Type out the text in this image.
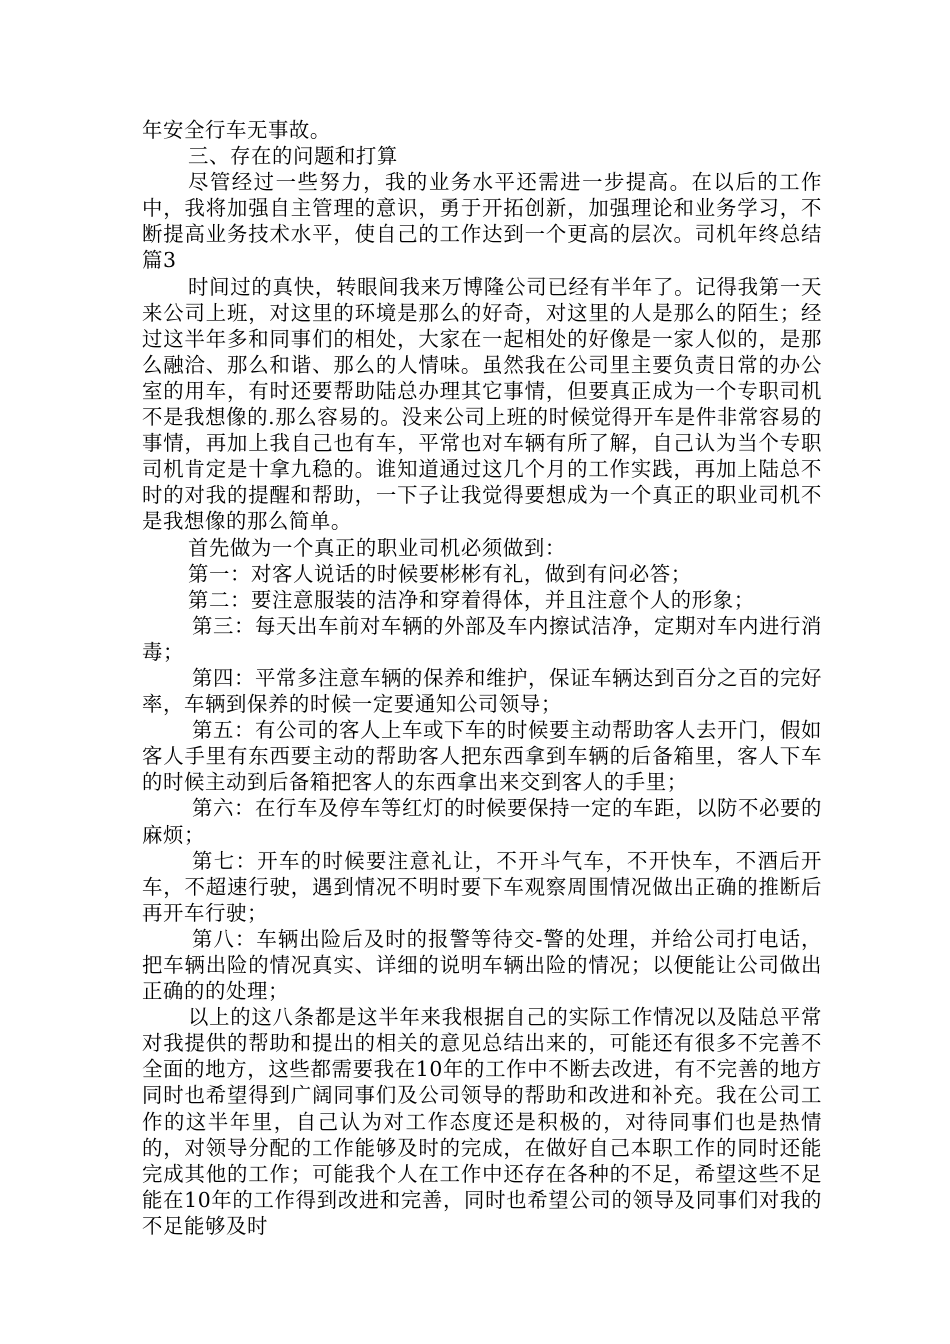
年安全行车无事故。

三、存在的问题和打算

尽管经过一些努力，我的业务水平还需进一步提高。在以后的工作中，我将加强自主管理的意识，勇于开拓创新，加强理论和业务学习，不断提高业务技术水平，使自己的工作达到一个更高的层次。司机年终总结 篇3

时间过的真快，转眼间我来万博隆公司已经有半年了。记得我第一天来公司上班，对这里的环境是那么的好奇，对这里的人是那么的陌生；经过这半年多和同事们的相处，大家在一起相处的好像是一家人似的，是那么融洽、那么和谐、那么的人情味。虽然我在公司里主要负责日常的办公室的用车，有时还要帮助陆总办理其它事情，但要真正成为一个专职司机不是我想像的.那么容易的。没来公司上班的时候觉得开车是件非常容易的事情，再加上我自己也有车，平常也对车辆有所了解，自己认为当个专职司机肯定是十拿九稳的。谁知道通过这几个月的工作实践，再加上陆总不时的对我的提醒和帮助，一下子让我觉得要想成为一个真正的职业司机不是我想像的那么简单。

首先做为一个真正的职业司机必须做到：

第一：对客人说话的时候要彬彬有礼，做到有问必答；

第二：要注意服装的洁净和穿着得体，并且注意个人的形象；

第三：每天出车前对车辆的外部及车内擦试洁净，定期对车内进行消毒；

第四：平常多注意车辆的保养和维护，保证车辆达到百分之百的完好率，车辆到保养的时候一定要通知公司领导；

第五：有公司的客人上车或下车的时候要主动帮助客人去开门，假如客人手里有东西要主动的帮助客人把东西拿到车辆的后备箱里，客人下车的时候主动到后备箱把客人的东西拿出来交到客人的手里；

第六：在行车及停车等红灯的时候要保持一定的车距，以防不必要的麻烦；

第七：开车的时候要注意礼让，不开斗气车，不开快车，不酒后开车，不超速行驶，遇到情况不明时要下车观察周围情况做出正确的推断后再开车行驶；

第八：车辆出险后及时的报警等待交-警的处理，并给公司打电话，把车辆出险的情况真实、详细的说明车辆出险的情况；以便能让公司做出正确的的处理；

以上的这八条都是这半年来我根据自己的实际工作情况以及陆总平常对我提供的帮助和提出的相关的意见总结出来的，可能还有很多不完善不全面的地方，这些都需要我在10年的工作中不断去改进，有不完善的地方同时也希望得到广阔同事们及公司领导的帮助和改进和补充。我在公司工作的这半年里，自己认为对工作态度还是积极的，对待同事们也是热情的，对领导分配的工作能够及时的完成，在做好自己本职工作的同时还能完成其他的工作；可能我个人在工作中还存在各种的不足，希望这些不足能在10年的工作得到改进和完善，同时也希望公司的领导及同事们对我的不足能够及时
